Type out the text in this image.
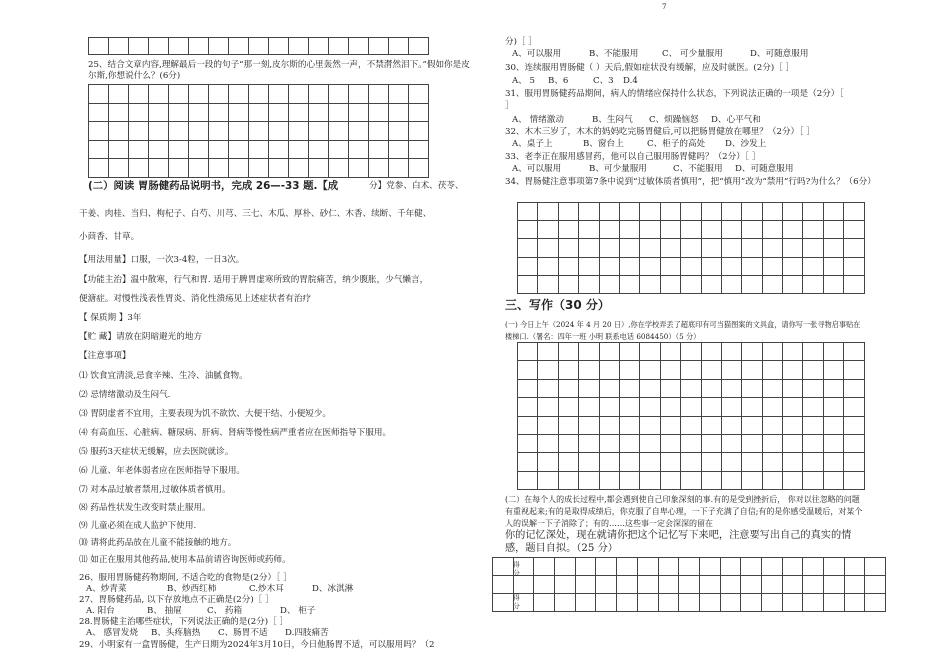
7
25、结合文章内容,理解最后一段的句子“那一刻,皮尔斯的心里轰然一声，不禁潸然泪下。”假如你是皮尔斯,你想说什么？(6分)
(二）阅读 胃肠健药品说明书，完成 26—-33 题.【成	分】党参、白术、茯苓、
干姜、肉桂、当归、枸杞子、白芍、川芎、三七、木瓜、厚朴、砂仁、木香、续断、千年健、
小茴香、甘草。
【用法用量】口服，一次3-4粒，一日3次。
【功能主治】温中散寒，行气和胃. 适用于脾胃虚寒所致的胃脘痛苦，纳少腹胀，少气懒言，
便溏症。对慢性浅表性胃炎、消化性溃疡见上述症状者有治疗
【 保质期 】3年
【贮 藏】请放在阴暗避光的地方
【注意事项】
⑴ 饮食宜清淡,忌食辛辣、生冷、油腻食物。
⑵ 忌情绪激动及生闷气.
⑶ 胃阴虚者不宜用，主要表现为饥不欲饮、大便干结、小便短少。
⑷ 有高血压、心脏病、糖尿病、肝病、肾病等慢性病严重者应在医师指导下服用。
⑸ 服药3天症状无缓解，应去医院就诊。
⑹ 儿童、年老体弱者应在医师指导下服用。
⑺ 对本品过敏者禁用,过敏体质者慎用。
⑻ 药品性状发生改变时禁止服用。
⑼ 儿童必须在成人监护下使用.
⑽ 请将此药品放在儿童不能接触的地方。
⑾ 如正在服用其他药品,使用本品前请咨询医师或药师。
26、服用胃肠健药物期间, 不适合吃的食物是(2分）［ ］
A、炒青菜	B、炒西红柿	C.炒木耳	D、冰淇淋
27、胃肠健药品, 以下存放地点不正确是(2分)［ ］
A. 阳台	B、 抽屉	C、 药箱	D、 柜子
28.胃肠健主治哪些症状，下列说法正确的是(2分)［ ］
A、 感冒发烧 B、头疼脑热 C、肠胃不适 D.四肢痛苦
29、小明家有一盒胃肠健，生产日期为2024年3月10日，今日他肠胃不适，可以服用吗？（2
分)［ ］
A、可以服用	B、不能服用	C、 可少量服用	D、可随意服用
30、连续服用胃肠健（ ）天后,假如症状没有缓解，应及时就医。(2分)［ ］
A、 5 B、6	C、3 D.4
31、服用胃肠健药品期间，病人的情绪应保持什么状态，下列说法正确的一项是（2分）［
］
A、 情绪激动	B、生闷气 C、烦躁恼怒 D、心平气和
32、木木三岁了，木木的妈妈吃完肠胃健后,可以把肠胃健放在哪里？（2分）［ ］
A、桌子上	B、窗台上	C、柜子的高处 D、沙发上
33、老李正在服用感冒药，他可以自己服用肠胃健吗？（2分）［ ］
A、可以服用	B、可少量服用	C、不能服用 D、可随意服用
34、胃肠健注意事项第7条中说到“过敏体质者慎用”，把“慎用”改为“禁用”行吗?为什么？（6分）
三、写作（30 分）
(一) 今日上午（2024 年 4 月 20 日）,你在学校弄丢了超底印有可当猫图案的文具盒，请你写一张寻物启事贴在楼梯口.（署名：四年一班 小明 联系电话 6084450）（5 分）
(二）在每个人的成长过程中,都会遇到使自己印象深刻的事.有的是受到挫折后， 你对以往忽略的问题有重视起来;有的是取得成绩后，你克服了自卑心理，一下子充满了自信;有的是你感受温暖后，对某个人的误解一下子消除了；有的……这些事一定会深深的留在
你的记忆深处，现在就请你把这个记忆写下来吧，注意要写出自己的真实的情感，题目自拟。（25 分）
得分
得分
